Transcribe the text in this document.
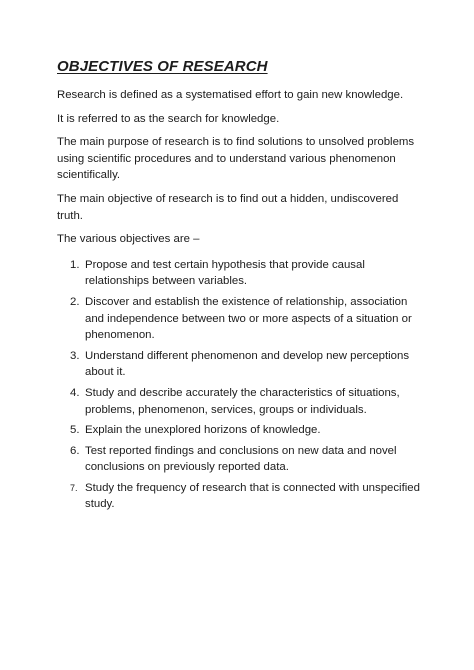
OBJECTIVES OF RESEARCH

Research is defined as a systematised effort to gain new knowledge.

It is referred to as the search for knowledge.

The main purpose of research is to find solutions to unsolved problems using scientific procedures and to understand various phenomenon scientifically.

The main objective of research is to find out a hidden, undiscovered truth.

The various objectives are –

1. Propose and test certain hypothesis that provide causal relationships between variables.
2. Discover and establish the existence of relationship, association and independence between two or more aspects of a situation or phenomenon.
3. Understand different phenomenon and develop new perceptions about it.
4. Study and describe accurately the characteristics of situations, problems, phenomenon, services, groups or individuals.
5. Explain the unexplored horizons of knowledge.
6. Test reported findings and conclusions on new data and novel conclusions on previously reported data.
7. Study the frequency of research that is connected with unspecified study.
